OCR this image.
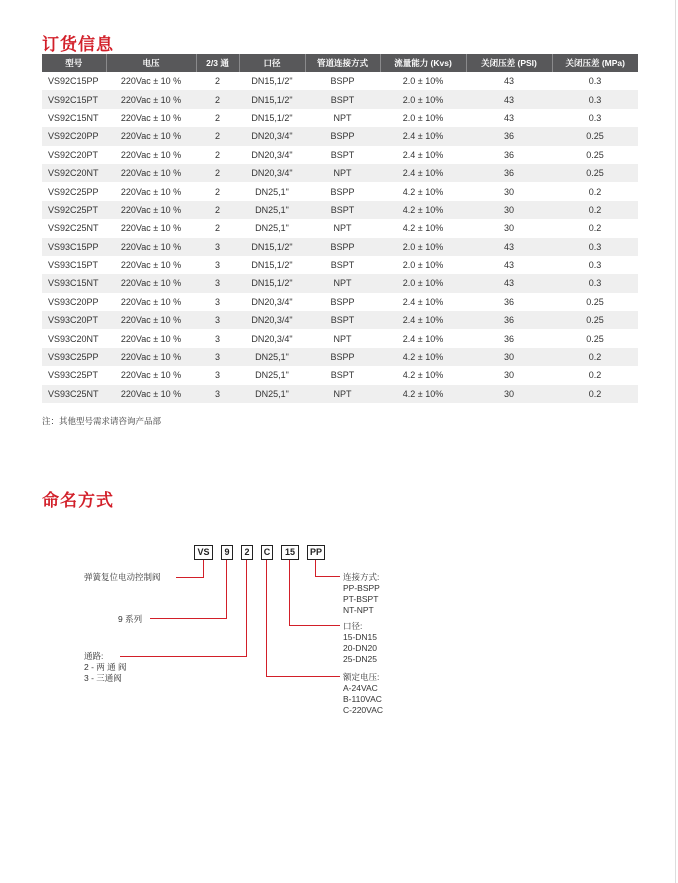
订货信息
型号	电压	2/3 通	口径	管道连接方式	流量能力 (Kvs)	关闭压差 (PSI)	关闭压差 (MPa)
VS92C15PP	220Vac ± 10 %	2	DN15,1/2"	BSPP	2.0 ± 10%	43	0.3
VS92C15PT	220Vac ± 10 %	2	DN15,1/2"	BSPT	2.0 ± 10%	43	0.3
VS92C15NT	220Vac ± 10 %	2	DN15,1/2"	NPT	2.0 ± 10%	43	0.3
VS92C20PP	220Vac ± 10 %	2	DN20,3/4"	BSPP	2.4 ± 10%	36	0.25
VS92C20PT	220Vac ± 10 %	2	DN20,3/4"	BSPT	2.4 ± 10%	36	0.25
VS92C20NT	220Vac ± 10 %	2	DN20,3/4"	NPT	2.4 ± 10%	36	0.25
VS92C25PP	220Vac ± 10 %	2	DN25,1"	BSPP	4.2 ± 10%	30	0.2
VS92C25PT	220Vac ± 10 %	2	DN25,1"	BSPT	4.2 ± 10%	30	0.2
VS92C25NT	220Vac ± 10 %	2	DN25,1"	NPT	4.2 ± 10%	30	0.2
VS93C15PP	220Vac ± 10 %	3	DN15,1/2"	BSPP	2.0 ± 10%	43	0.3
VS93C15PT	220Vac ± 10 %	3	DN15,1/2"	BSPT	2.0 ± 10%	43	0.3
VS93C15NT	220Vac ± 10 %	3	DN15,1/2"	NPT	2.0 ± 10%	43	0.3
VS93C20PP	220Vac ± 10 %	3	DN20,3/4"	BSPP	2.4 ± 10%	36	0.25
VS93C20PT	220Vac ± 10 %	3	DN20,3/4"	BSPT	2.4 ± 10%	36	0.25
VS93C20NT	220Vac ± 10 %	3	DN20,3/4"	NPT	2.4 ± 10%	36	0.25
VS93C25PP	220Vac ± 10 %	3	DN25,1"	BSPP	4.2 ± 10%	30	0.2
VS93C25PT	220Vac ± 10 %	3	DN25,1"	BSPT	4.2 ± 10%	30	0.2
VS93C25NT	220Vac ± 10 %	3	DN25,1"	NPT	4.2 ± 10%	30	0.2

注：其他型号需求请咨询产品部

命名方式
VS	9	2	C	15	PP
弹簧复位电动控制阀
9 系列
通路:
2 - 两 通 阀
3 - 三通阀
连接方式:
PP-BSPP
PT-BSPT
NT-NPT
口径:
15-DN15
20-DN20
25-DN25
额定电压:
A-24VAC
B-110VAC
C-220VAC
